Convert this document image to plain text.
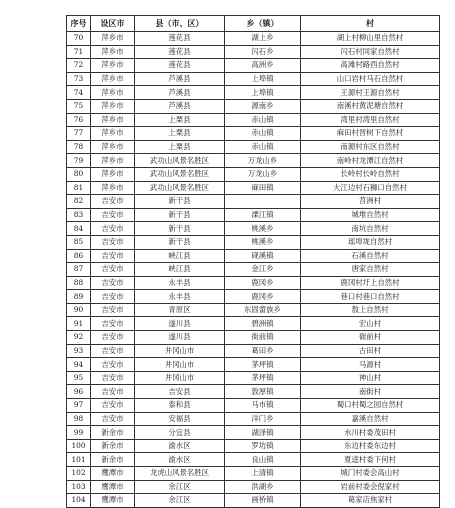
序号	设区市	县（市、区）	乡（镇）	村
70	萍乡市	莲花县	湖上乡	湖上村柳山里自然村
71	萍乡市	莲花县	闪石乡	闪石村同家自然村
72	萍乡市	莲花县	高洲乡	高滩村路西自然村
73	萍乡市	芦溪县	上埠镇	山口岩村马石自然村
74	萍乡市	芦溪县	上埠镇	王源村王源自然村
75	萍乡市	芦溪县	源南乡	南溪村黄泥塘自然村
76	萍乡市	上栗县	赤山镇	湾里村湾里自然村
77	萍乡市	上栗县	赤山镇	麻田村晋树下自然村
78	萍乡市	上栗县	赤山镇	南源村东区自然村
79	萍乡市	武功山风景名胜区	万龙山乡	南岭村龙潭江自然村
80	萍乡市	武功山风景名胜区	万龙山乡	长岭村长岭自然村
81	萍乡市	武功山风景名胜区	麻田镇	大江边村石狮口自然村
82	吉安市	新干县		苕洲村
83	吉安市	新干县	溧江镇	城堆自然村
84	吉安市	新干县	桃溪乡	南坑自然村
85	吉安市	新干县	桃溪乡	瑶埠垅自然村
86	吉安市	峡江县	砚溪镇	石溪自然村
87	吉安市	峡江县	金江乡	唐家自然村
88	吉安市	永丰县	鹿冈乡	鹿冈村圩上自然村
89	吉安市	永丰县	鹿冈乡	巷口村巷口自然村
90	吉安市	青原区	东固畲族乡	敖上自然村
91	吉安市	遂川县	碧洲镇	宏山村
92	吉安市	遂川县	衙前镇	衙前村
93	吉安市	井冈山市	葛田乡	古田村
94	吉安市	井冈山市	茅坪镇	马源村
95	吉安市	井冈山市	茅坪镇	神山村
96	吉安市	吉安县	敦厚镇	南街村
97	吉安市	泰和县	马市镇	蜀口村蜀之园自然村
98	吉安市	安福县	洋门乡	嘉溪自然村
99	新余市	分宜县	湖泽镇	水川村委茂田村
100	新余市	渝水区	罗坊镇	东边村委东边村
101	新余市	渝水区	良山镇	夏逵村委下何村
102	鹰潭市	龙虎山风景名胜区	上清镇	城门村委会高山村
103	鹰潭市	余江区	洪湖乡	岩前村委会倪家村
104	鹰潭市	余江区	画桥镇	葛家店焦家村
